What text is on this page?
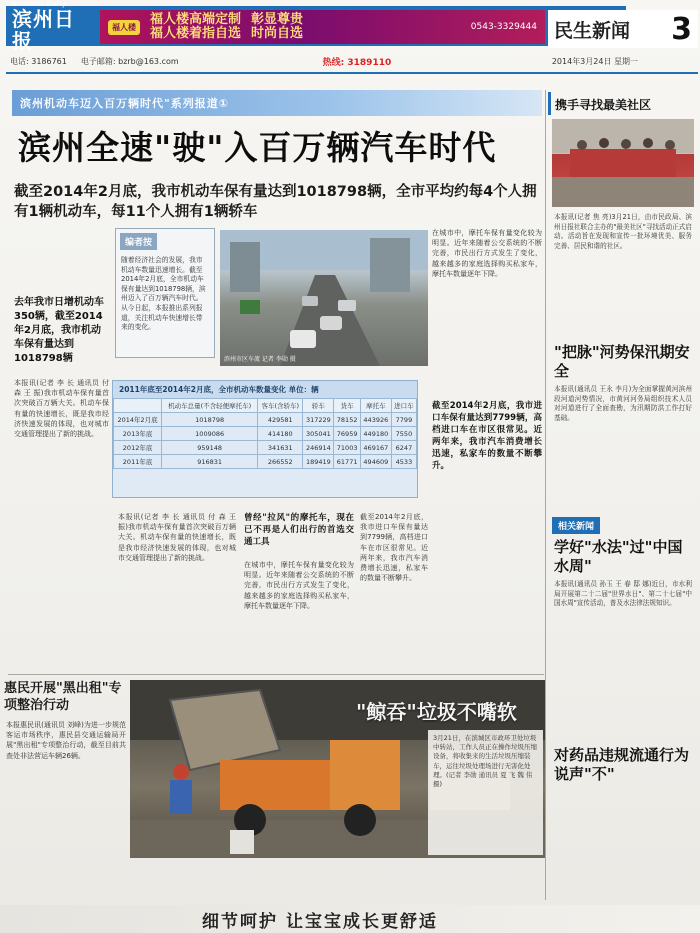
Binzhou Daily
滨州日报
福人楼	福人楼高端定制
福人楼着指自选
彰显尊贵
时尚自选	0543-3329444 民生新闻 3
电话: 3186761 电子邮箱: bzrb@163.com	热线: 3189110	2014年3月24日 星期一
滨州机动车迈入百万辆时代"系列报道①
滨州全速"驶"入百万辆汽车时代
截至2014年2月底，我市机动车保有量达到1018798辆，全市平均约每4个人拥有1辆机动车，每11个人拥有1辆轿车
去年我市日增机动车350辆，截至2014年2月底，我市机动车保有量达到1018798辆
本报讯(记者 李 长 通讯员 付 森 王 振)我市机动车保有量首次突破百万辆大关。机动车保有量的快速增长，既是我市经济快速发展的体现，也对城市交通管理提出了新的挑战。
编者按
随着经济社会的发展，我市机动车数量迅速增长。截至2014年2月底，全市机动车保有量达到1018798辆，滨州迈入了百万辆汽车时代。从今日起，本报推出系列报道，关注机动车快速增长带来的变化。
滨州市区车流 记者 李勋 摄
在城市中，摩托车保有量变化较为明显。近年来随着公交系统的不断完善，市民出行方式发生了变化，越来越多的家庭选择购买私家车，摩托车数量逐年下降。
截至2014年2月底，我市进口车保有量达到7799辆，高档进口车在市区很常见。近两年来，我市汽车消费增长迅速，私家车的数量不断攀升。
2011年底至2014年2月底，全市机动车数量变化 单位：辆
	机动车总量(不含轻便摩托车)	客车(含轿车)	轿车	货车	摩托车	进口车
2014年2月底	1018798	429581	317229	78152	443926	7799
2013年底	1009086	414180	305041	76959	449180	7550
2012年底	959148	341631	246914	71003	469167	6247
2011年底	916831	266552	189419	61771	494609	4533
曾经"拉风"的摩托车，现在已不再是人们出行的首选交通工具
本报讯(记者 李 长 通讯员 付 森 王 振)我市机动车保有量首次突破百万辆大关。机动车保有量的快速增长，既是我市经济快速发展的体现，也对城市交通管理提出了新的挑战。
在城市中，摩托车保有量变化较为明显。近年来随着公交系统的不断完善，市民出行方式发生了变化，越来越多的家庭选择购买私家车，摩托车数量逐年下降。
截至2014年2月底，我市进口车保有量达到7799辆，高档进口车在市区很常见。近两年来，我市汽车消费增长迅速，私家车的数量不断攀升。
携手寻找最美社区
本报讯(记者 焦 亮)3月21日，由市民政局、滨州日报社联合主办的"最美社区"寻找活动正式启动。活动旨在发现和宣传一批环境优美、服务完善、居民和谐的社区。
"把脉"河势保汛期安全
本报讯(通讯员 王永 李月)为全面掌握黄河滨州段河道河势情况，市黄河河务局组织技术人员对河道进行了全面查勘，为汛期防洪工作打好基础。
相关新闻
学好"水法"过"中国水周"
本报讯(通讯员 孙玉 王 春 邸 娜)近日，市水利局开展第二十二届"世界水日"、第二十七届"中国水周"宣传活动，普及水法律法规知识。
对药品违规流通行为说声"不"
惠民开展"黑出租"专项整治行动
本报惠民讯(通讯员 刘峰)为进一步规范客运市场秩序，惠民县交通运输局开展"黑出租"专项整治行动，截至目前共查处非法营运车辆26辆。
"鲸吞"垃圾不嘴软
3月21日，在滨城区市政环卫处垃圾中转站，工作人员正在操作垃圾压缩设备，将收集来的生活垃圾压缩装车，运往垃圾处理场进行无害化处理。(记者 李勋 通讯员 夏 飞 魏 伟 摄)
细节呵护 让宝宝成长更舒适
